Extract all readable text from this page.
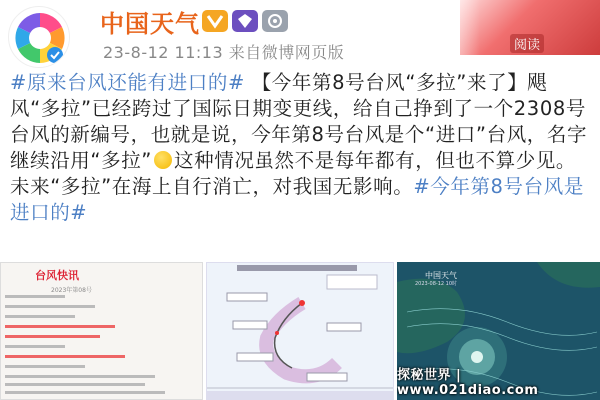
中国天气
23-8-12 11:13 来自微博网页版	阅读
#原来台风还能有进口的# 【今年第8号台风“多拉”来了】飓风“多拉”已经跨过了国际日期变更线，给自己挣到了一个2308号台风的新编号，也就是说，今年第8号台风是个“进口”台风，名字继续沿用“多拉” 这种情况虽然不是每年都有，但也不算少见。未来“多拉”在海上自行消亡，对我国无影响。#今年第8号台风是进口的#
台风快讯
2023年第08号
中国天气
2023-08-12 10时
探秘世界 | www.021diao.com
